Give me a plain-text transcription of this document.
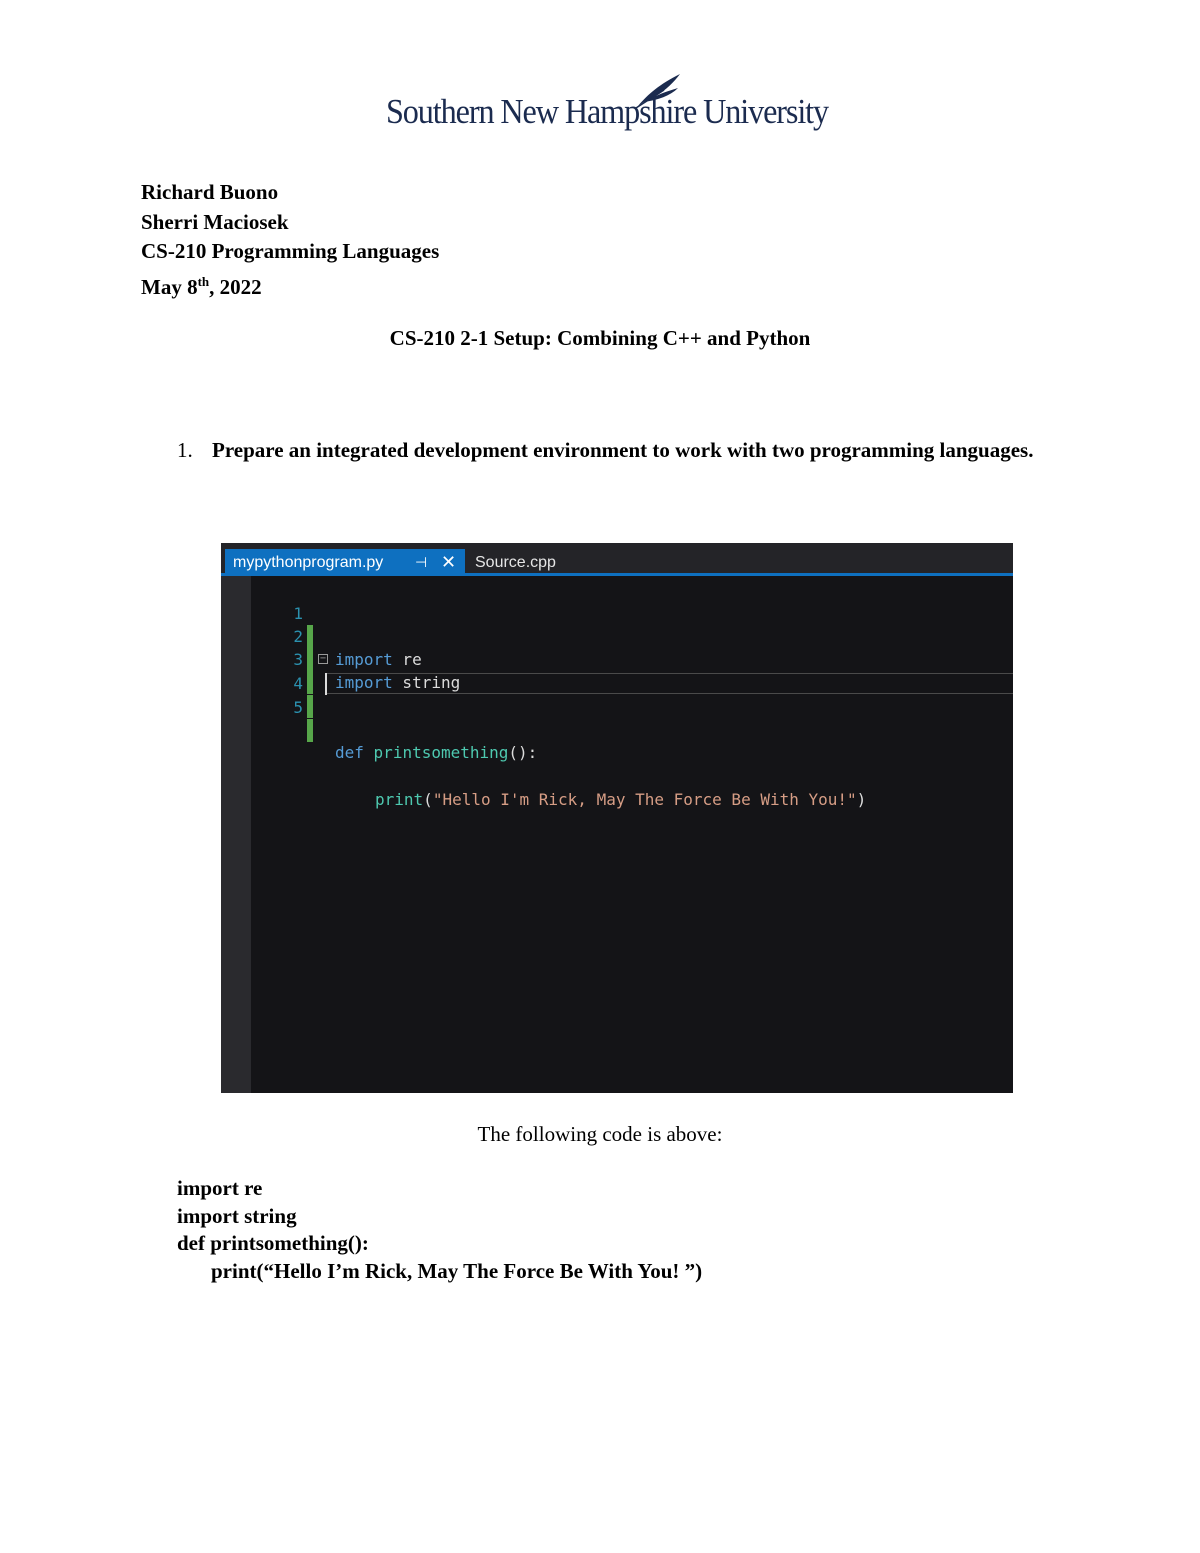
Southern New Hampshire University
Richard Buono
Sherri Maciosek
CS-210 Programming Languages
May 8th, 2022
CS-210 2-1 Setup: Combining C++ and Python
1. Prepare an integrated development environment to work with two programming languages.
mypythonprogram.py ⊣ ✕ Source.cpp

1

import re

2

import string

3

4

−

def printsomething():

5

print("Hello I'm Rick, May The Force Be With You!")

The following code is above:
import re
import string
def printsomething():
print(“Hello I’m Rick, May The Force Be With You! ”)
